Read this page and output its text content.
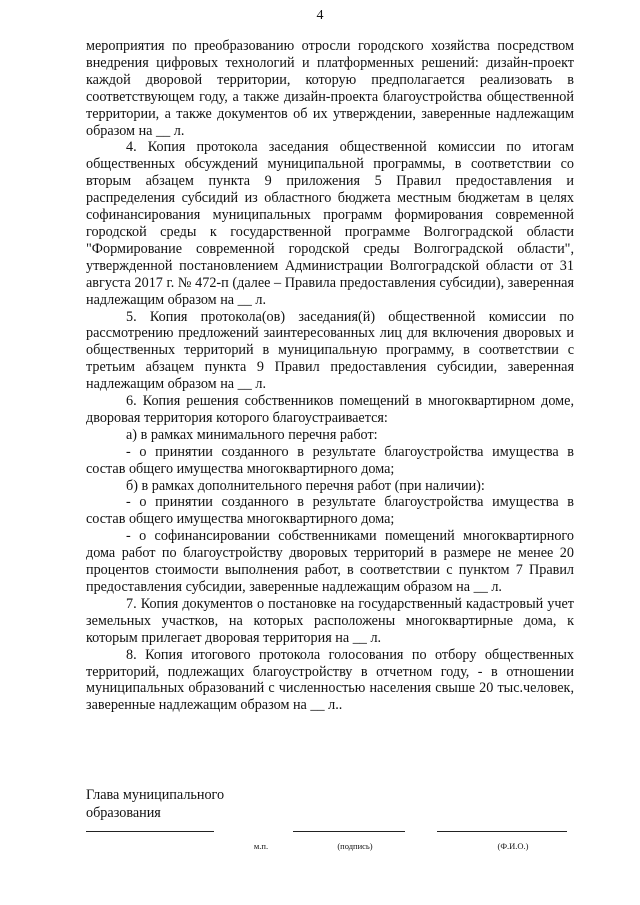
4

мероприятия по преобразованию отросли городского хозяйства посредством внедрения цифровых технологий и платформенных решений: дизайн-проект каждой дворовой территории, которую предполагается реализовать в соответствующем году, а также дизайн-проекта благоустройства общественной территории, а также документов об их утверждении, заверенные надлежащим образом на __ л.

4. Копия протокола заседания общественной комиссии по итогам общественных обсуждений муниципальной программы, в соответствии со вторым абзацем пункта 9 приложения 5 Правил предоставления и распределения субсидий из областного бюджета местным бюджетам в целях софинансирования муниципальных программ формирования современной городской среды к государственной программе Волгоградской области "Формирование современной городской среды Волгоградской области", утвержденной постановлением Администрации Волгоградской области от 31 августа 2017 г. № 472-п (далее – Правила предоставления субсидии), заверенная надлежащим образом на __ л.

5. Копия протокола(ов) заседания(й) общественной комиссии по рассмотрению предложений заинтересованных лиц для включения дворовых и общественных территорий в муниципальную программу, в соответствии с третьим абзацем пункта 9 Правил предоставления субсидии, заверенная надлежащим образом на __ л.

6. Копия решения собственников помещений в многоквартирном доме, дворовая территория которого благоустраивается:

а) в рамках минимального перечня работ:

- о принятии созданного в результате благоустройства имущества в состав общего имущества многоквартирного дома;

б) в рамках дополнительного перечня работ (при наличии):

- о принятии созданного в результате благоустройства имущества в состав общего имущества многоквартирного дома;

- о софинансировании собственниками помещений многоквартирного дома работ по благоустройству дворовых территорий в размере не менее 20 процентов стоимости выполнения работ, в соответствии с пунктом 7 Правил предоставления субсидии, заверенные надлежащим образом на __ л.

7. Копия документов о постановке на государственный кадастровый учет земельных участков, на которых расположены многоквартирные дома, к которым прилегает дворовая территория на __ л.

8. Копия итогового протокола голосования по отбору общественных территорий, подлежащих благоустройству в отчетном году, - в отношении муниципальных образований с численностью населения свыше 20 тыс.человек, заверенные надлежащим образом на __ л..

Глава муниципального
образования
м.п.	(подпись)	(Ф.И.О.)
